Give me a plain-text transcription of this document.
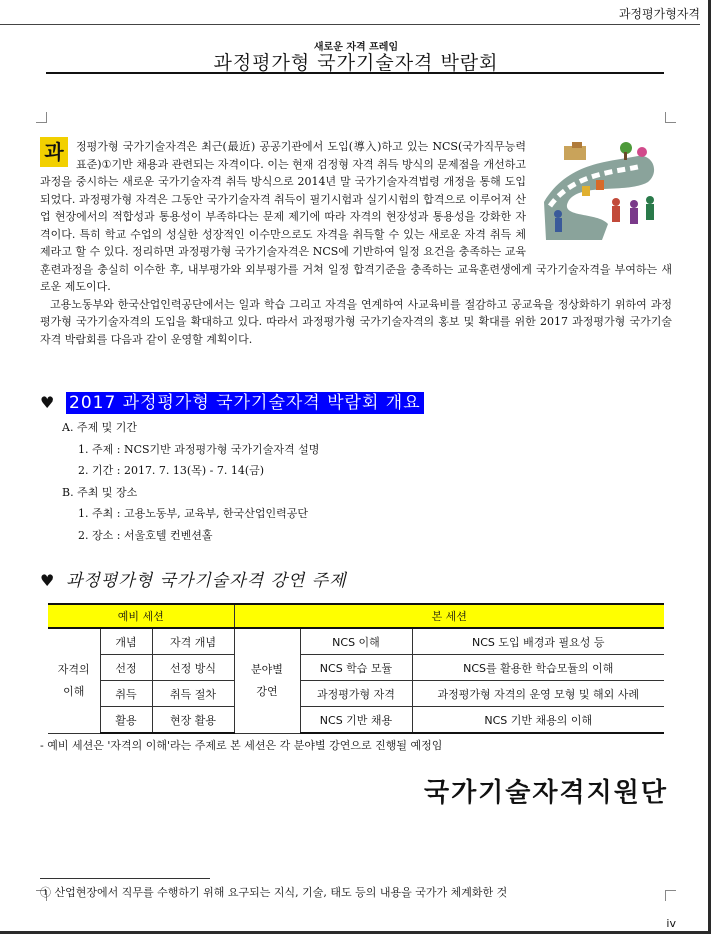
과정평가형자격
새로운 자격 프레임
과정평가형 국가기술자격 박람회
과	정평가형 국가기술자격은 최근(最近) 공공기관에서 도입(導入)하고 있는 NCS(국가직무능력표준)①기반 채용과 관련되는 자격이다. 이는 현재 검정형 자격 취득 방식의 문제점을 개선하고 과정을 중시하는 새로운 국가기술자격 취득 방식으로 2014년 말 국가기술자격법령 개정을 통해 도입되었다. 과정평가형 자격은 그동안 국가기술자격 취득이 필기시험과 실기시험의 합격으로 이루어져 산업 현장에서의 적합성과 통용성이 부족하다는 문제 제기에 따라 자격의 현장성과 통용성을 강화한 자격이다. 특히 학교 수업의 성실한 성장적인 이수만으로도 자격을 취득할 수 있는 새로운 자격 취득 체제라고 할 수 있다. 정리하면 과정평가형 국가기술자격은 NCS에 기반하여 일정 요건을 충족하는 교육훈련과정을 충실히 이수한 후, 내부평가와 외부평가를 거쳐 일정 합격기준을 충족하는 교육훈련생에게 국가기술자격을 부여하는 새로운 제도이다.

고용노동부와 한국산업인력공단에서는 일과 학습 그리고 자격을 연계하여 사교육비를 절감하고 공교육을 정상화하기 위하여 과정평가형 국가기술자격의 도입을 확대하고 있다. 따라서 과정평가형 국가기술자격의 홍보 및 확대를 위한 2017 과정평가형 국가기술자격 박람회를 다음과 같이 운영할 계획이다.

♥ 2017 과정평가형 국가기술자격 박람회 개요
A. 주제 및 기간
1. 주제 : NCS기반 과정평가형 국가기술자격 설명
2. 기간 : 2017. 7. 13(목) - 7. 14(금)
B. 주최 및 장소
1. 주최 : 고용노동부, 교육부, 한국산업인력공단
2. 장소 : 서울호텔 컨벤션홀
♥ 과정평가형 국가기술자격 강연 주제
예비 세션			본 세션		
자격의 이해	개념	자격 개념	분야별 강연	NCS 이해	NCS 도입 배경과 필요성 등
	선정	선정 방식		NCS 학습 모듈	NCS를 활용한 학습모듈의 이해
	취득	취득 절차		과정평가형 자격	과정평가형 자격의 운영 모형 및 해외 사례
	활용	현장 활용		NCS 기반 채용	NCS 기반 채용의 이해
- 예비 세션은 '자격의 이해'라는 주제로 본 세션은 각 분야별 강연으로 진행될 예정임
국가기술자격지원단
① 산업현장에서 직무를 수행하기 위해 요구되는 지식, 기술, 태도 등의 내용을 국가가 체계화한 것
iv
